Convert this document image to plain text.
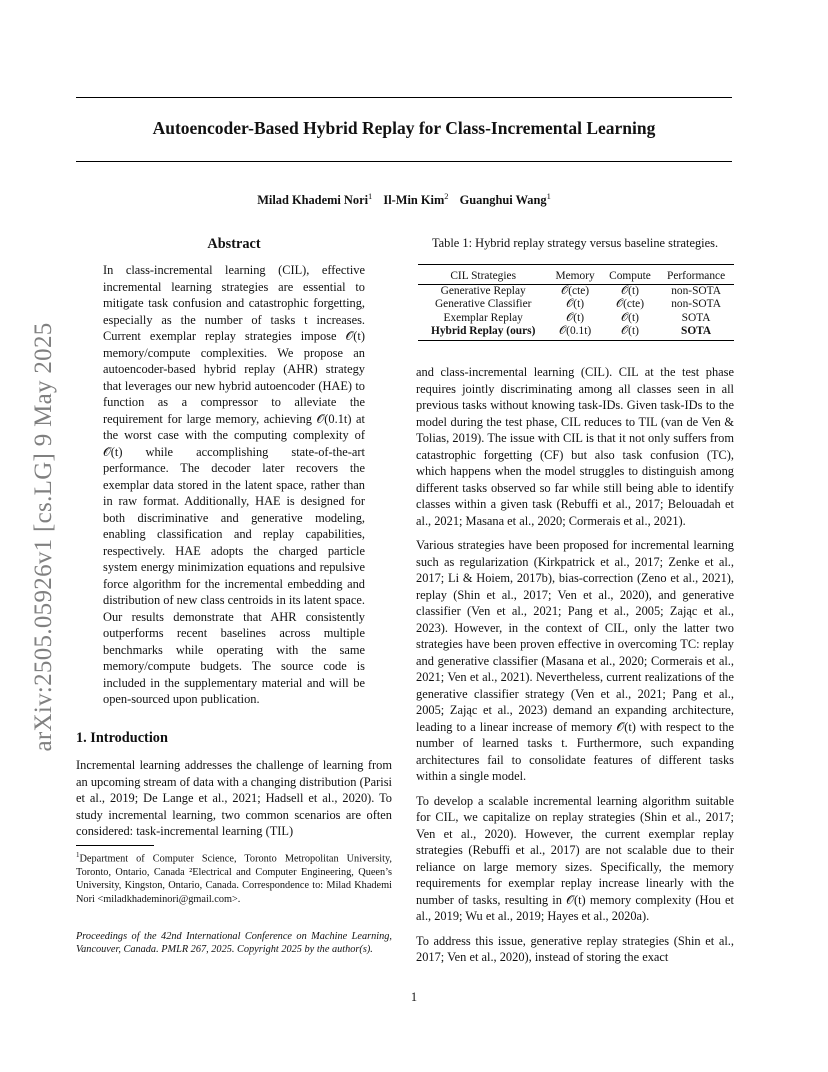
arXiv:2505.05926v1 [cs.LG] 9 May 2025
Autoencoder-Based Hybrid Replay for Class-Incremental Learning
Milad Khademi Nori$^1$ Il-Min Kim$^2$ Guanghui Wang$^1$
Abstract
In class-incremental learning (CIL), effective incremental learning strategies are essential to mitigate task confusion and catastrophic forgetting, especially as the number of tasks t increases. Current exemplar replay strategies impose 𝒪(t) memory/compute complexities. We propose an autoencoder-based hybrid replay (AHR) strategy that leverages our new hybrid autoencoder (HAE) to function as a compressor to alleviate the requirement for large memory, achieving 𝒪(0.1t) at the worst case with the computing complexity of 𝒪(t) while accomplishing state-of-the-art performance. The decoder later recovers the exemplar data stored in the latent space, rather than in raw format. Additionally, HAE is designed for both discriminative and generative modeling, enabling classification and replay capabilities, respectively. HAE adopts the charged particle system energy minimization equations and repulsive force algorithm for the incremental embedding and distribution of new class centroids in its latent space. Our results demonstrate that AHR consistently outperforms recent baselines across multiple benchmarks while operating with the same memory/compute budgets. The source code is included in the supplementary material and will be open-sourced upon publication.
1. Introduction
Incremental learning addresses the challenge of learning from an upcoming stream of data with a changing distribution (Parisi et al., 2019; De Lange et al., 2021; Hadsell et al., 2020). To study incremental learning, two common scenarios are often considered: task-incremental learning (TIL)
$^1$Department of Computer Science, Toronto Metropolitan University, Toronto, Ontario, Canada ²Electrical and Computer Engineering, Queen’s University, Kingston, Ontario, Canada. Correspondence to: Milad Khademi Nori <miladkhademinori@gmail.com>.
Proceedings of the 42nd International Conference on Machine Learning, Vancouver, Canada. PMLR 267, 2025. Copyright 2025 by the author(s).
Table 1: Hybrid replay strategy versus baseline strategies.
CIL Strategies	Memory	Compute	Performance
Generative Replay	𝒪(cte)	𝒪(t)	non-SOTA
Generative Classifier	𝒪(t)	𝒪(cte)	non-SOTA
Exemplar Replay	𝒪(t)	𝒪(t)	SOTA
Hybrid Replay (ours)	𝒪(0.1t)	𝒪(t)	SOTA

and class-incremental learning (CIL). CIL at the test phase requires jointly discriminating among all classes seen in all previous tasks without knowing task-IDs. Given task-IDs to the model during the test phase, CIL reduces to TIL (van de Ven & Tolias, 2019). The issue with CIL is that it not only suffers from catastrophic forgetting (CF) but also task confusion (TC), which happens when the model struggles to distinguish among different tasks observed so far while still being able to identify classes within a given task (Rebuffi et al., 2017; Belouadah et al., 2021; Masana et al., 2020; Cormerais et al., 2021).

Various strategies have been proposed for incremental learning such as regularization (Kirkpatrick et al., 2017; Zenke et al., 2017; Li & Hoiem, 2017b), bias-correction (Zeno et al., 2021), replay (Shin et al., 2017; Ven et al., 2020), and generative classifier (Ven et al., 2021; Pang et al., 2005; Zając et al., 2023). However, in the context of CIL, only the latter two strategies have been proven effective in overcoming TC: replay and generative classifier (Masana et al., 2020; Cormerais et al., 2021; Ven et al., 2021). Nevertheless, current realizations of the generative classifier strategy (Ven et al., 2021; Pang et al., 2005; Zając et al., 2023) demand an expanding architecture, leading to a linear increase of memory 𝒪(t) with respect to the number of learned tasks t. Furthermore, such expanding architectures fail to consolidate features of different tasks within a single model.

To develop a scalable incremental learning algorithm suitable for CIL, we capitalize on replay strategies (Shin et al., 2017; Ven et al., 2020). However, the current exemplar replay strategies (Rebuffi et al., 2017) are not scalable due to their reliance on large memory sizes. Specifically, the memory requirements for exemplar replay increase linearly with the number of tasks, resulting in 𝒪(t) memory complexity (Hou et al., 2019; Wu et al., 2019; Hayes et al., 2020a).

To address this issue, generative replay strategies (Shin et al., 2017; Ven et al., 2020), instead of storing the exact

1
